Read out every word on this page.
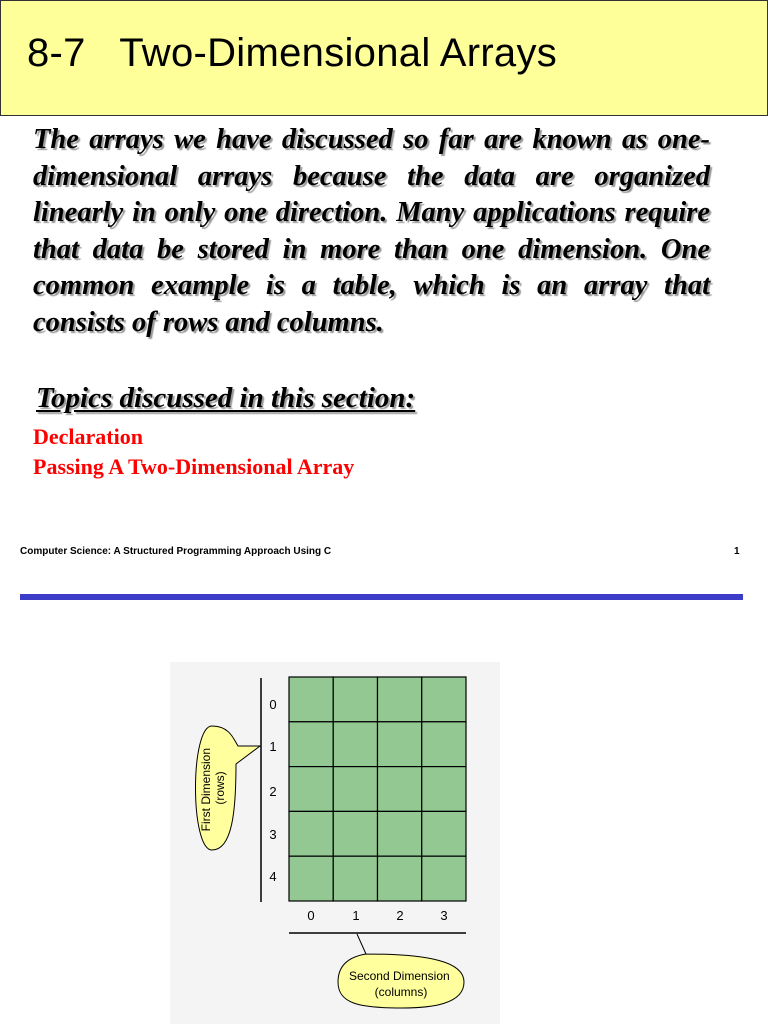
8-7   Two-Dimensional Arrays
The arrays we have discussed so far are known as one-dimensional arrays because the data are organized linearly in only one direction. Many applications require that data be stored in more than one dimension. One common example is a table, which is an array that consists of rows and columns.
Topics discussed in this section:
Declaration
Passing A Two-Dimensional Array
Computer Science: A Structured Programming Approach Using C	1
0
1
2
3
4
0	1	2	3
First Dimension (rows)
Second Dimension (columns)
